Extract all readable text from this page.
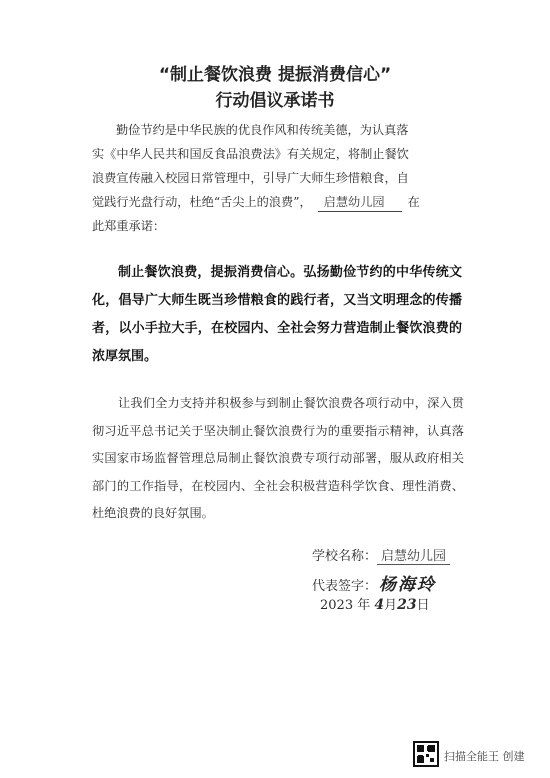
“制止餐饮浪费 提振消费信心”
行动倡议承诺书
勤俭节约是中华民族的优良作风和传统美德，为认真落
实《中华人民共和国反食品浪费法》有关规定，将制止餐饮
浪费宣传融入校园日常管理中，引导广大师生珍惜粮食，自
觉践行光盘行动，杜绝“舌尖上的浪费”， 启慧幼儿园 在
此郑重承诺：
制止餐饮浪费，提振消费信心。弘扬勤俭节约的中华传统文化，倡导广大师生既当珍惜粮食的践行者，又当文明理念的传播者，以小手拉大手，在校园内、全社会努力营造制止餐饮浪费的浓厚氛围。
让我们全力支持并积极参与到制止餐饮浪费各项行动中，深入贯彻习近平总书记关于坚决制止餐饮浪费行为的重要指示精神，认真落实国家市场监督管理总局制止餐饮浪费专项行动部署，服从政府相关部门的工作指导，在校园内、全社会积极营造科学饮食、理性消费、杜绝浪费的良好氛围。
学校名称： 启慧幼儿园
代表签字： 杨海玲
2023 年 4月23日
扫描全能王 创建
